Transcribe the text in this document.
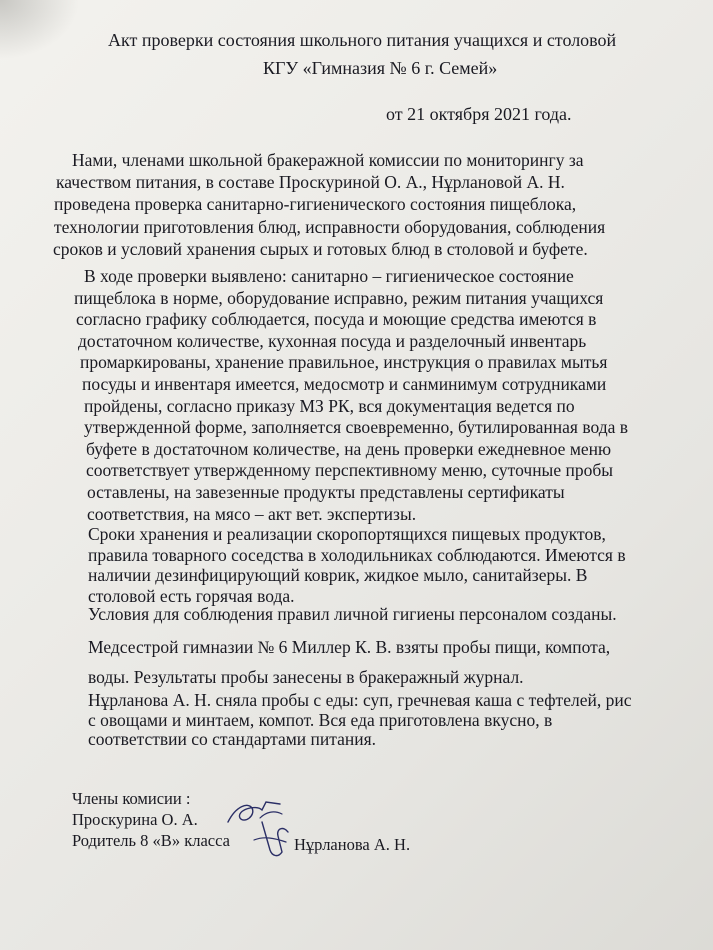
Акт проверки состояния школьного питания учащихся и столовой
КГУ «Гимназия № 6 г. Семей»
от 21 октября 2021 года.
Нами, членами школьной бракеражной комиссии по мониторингу за
качеством питания, в составе Проскуриной О. А., Нұрлановой А. Н.
проведена проверка санитарно-гигиенического состояния пищеблока,
технологии приготовления блюд, исправности оборудования, соблюдения
сроков и условий хранения сырых и готовых блюд в столовой и буфете.
В ходе проверки выявлено: санитарно – гигиеническое состояние
пищеблока в норме, оборудование исправно, режим питания учащихся
согласно графику соблюдается, посуда и моющие средства имеются в
достаточном количестве, кухонная посуда и разделочный инвентарь
промаркированы, хранение правильное, инструкция о правилах мытья
посуды и инвентаря имеется, медосмотр и санминимум сотрудниками
пройдены, согласно приказу МЗ РК, вся документация ведется по
утвержденной форме, заполняется своевременно, бутилированная вода в
буфете в достаточном количестве, на день проверки ежедневное меню
соответствует утвержденному перспективному меню, суточные пробы
оставлены, на завезенные продукты представлены сертификаты
соответствия, на мясо – акт вет. экспертизы.
Сроки хранения и реализации скоропортящихся пищевых продуктов,
правила товарного соседства в холодильниках соблюдаются. Имеются в
наличии дезинфицирующий коврик, жидкое мыло, санитайзеры. В
столовой есть горячая вода.
Условия для соблюдения правил личной гигиены персоналом созданы.
Медсестрой гимназии № 6 Миллер К. В. взяты пробы пищи, компота,
воды. Результаты пробы занесены в бракеражный журнал.
Нұрланова А. Н. сняла пробы с еды: суп, гречневая каша с тефтелей, рис
с овощами и минтаем, компот. Вся еда приготовлена вкусно, в
соответствии со стандартами питания.
Члены комисии :
Проскурина О. А.
Родитель 8 «В» класса	Нұрланова А. Н.
